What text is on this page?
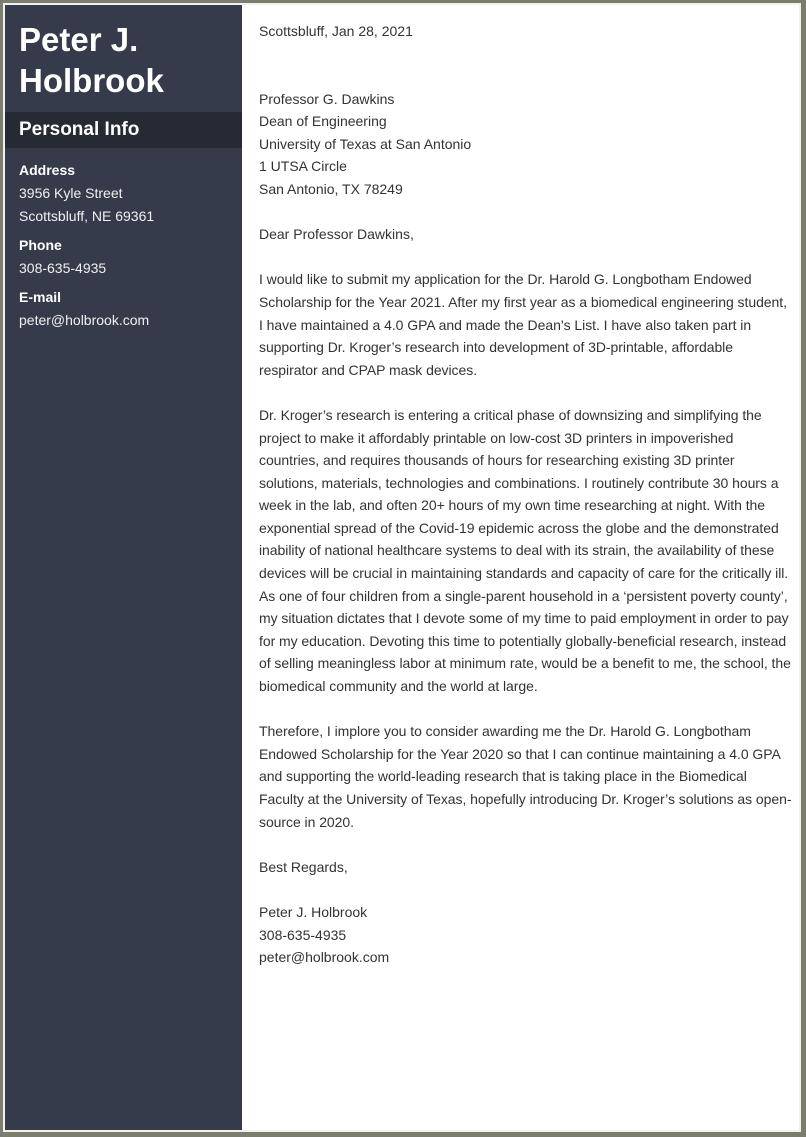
Peter J.
Holbrook
Personal Info
Address
3956 Kyle Street
Scottsbluff, NE 69361
Phone
308-635-4935
E-mail
peter@holbrook.com

Scottsbluff, Jan 28, 2021

Professor G. Dawkins

Dean of Engineering

University of Texas at San Antonio

1 UTSA Circle

San Antonio, TX 78249

Dear Professor Dawkins,

I would like to submit my application for the Dr. Harold G. Longbotham Endowed Scholarship for the Year 2021. After my first year as a biomedical engineering student, I have maintained a 4.0 GPA and made the Dean’s List. I have also taken part in supporting Dr. Kroger’s research into development of 3D-printable, affordable respirator and CPAP mask devices.

Dr. Kroger’s research is entering a critical phase of downsizing and simplifying the project to make it affordably printable on low-cost 3D printers in impoverished countries, and requires thousands of hours for researching existing 3D printer solutions, materials, technologies and combinations. I routinely contribute 30 hours a week in the lab, and often 20+ hours of my own time researching at night. With the exponential spread of the Covid-19 epidemic across the globe and the demonstrated inability of national healthcare systems to deal with its strain, the availability of these devices will be crucial in maintaining standards and capacity of care for the critically ill. As one of four children from a single-parent household in a ‘persistent poverty county’, my situation dictates that I devote some of my time to paid employment in order to pay for my education. Devoting this time to potentially globally-beneficial research, instead of selling meaningless labor at minimum rate, would be a benefit to me, the school, the biomedical community and the world at large.

Therefore, I implore you to consider awarding me the Dr. Harold G. Longbotham Endowed Scholarship for the Year 2020 so that I can continue maintaining a 4.0 GPA and supporting the world-leading research that is taking place in the Biomedical Faculty at the University of Texas, hopefully introducing Dr. Kroger’s solutions as open-source in 2020.

Best Regards,

Peter J. Holbrook

308-635-4935

peter@holbrook.com
